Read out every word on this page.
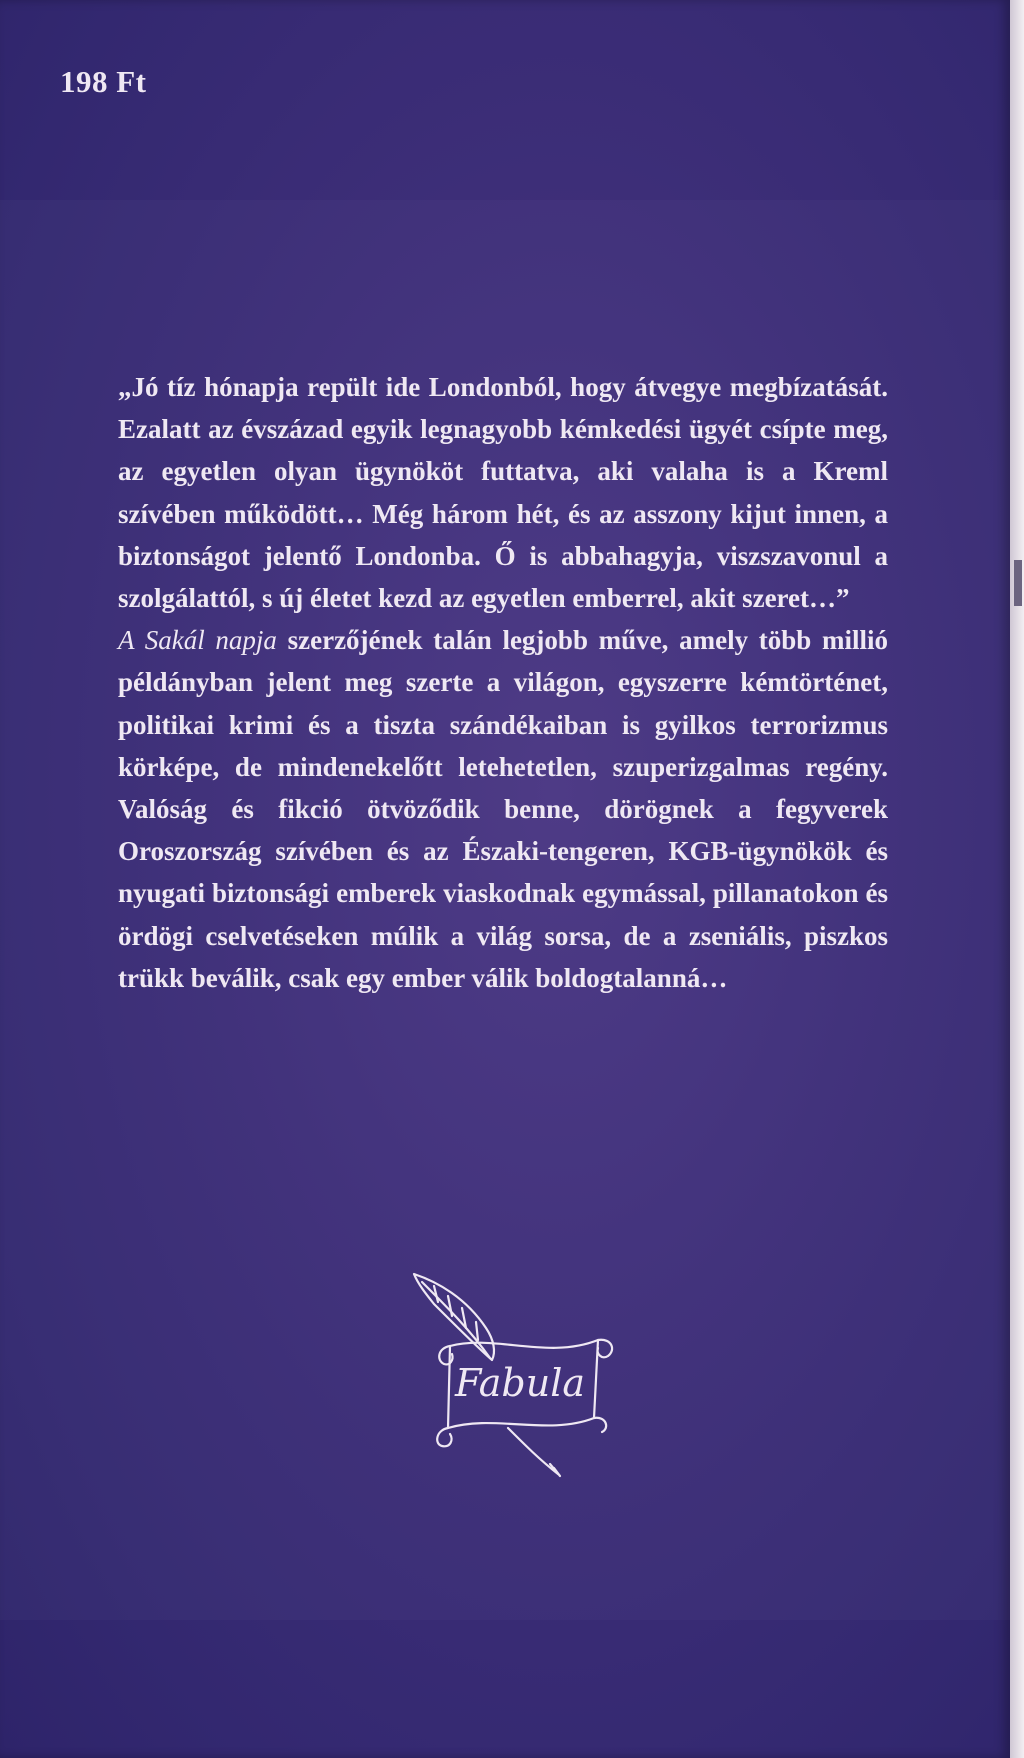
198 Ft

„Jó tíz hónapja repült ide Londonból, hogy átvegye megbízatását. Ezalatt az évszázad egyik legnagyobb kémkedési ügyét csípte meg, az egyetlen olyan ügynököt futtatva, aki valaha is a Kreml szívében működött… Még három hét, és az asszony kijut innen, a biztonságot jelentő Londonba. Ő is abbahagyja, viszszavonul a szolgálattól, s új életet kezd az egyetlen emberrel, akit szeret…”

A Sakál napja szerzőjének talán legjobb műve, amely több millió példányban jelent meg szerte a világon, egyszerre kémtörténet, politikai krimi és a tiszta szándékaiban is gyilkos terrorizmus körképe, de mindenekelőtt letehetetlen, szuperizgalmas regény. Valóság és fikció ötvöződik benne, dörögnek a fegyverek Oroszország szívében és az Északi-tengeren, KGB-ügynökök és nyugati biztonsági emberek viaskodnak egymással, pillanatokon és ördögi cselvetéseken múlik a világ sorsa, de a zseniális, piszkos trükk beválik, csak egy ember válik boldogtalanná…

Fabula
